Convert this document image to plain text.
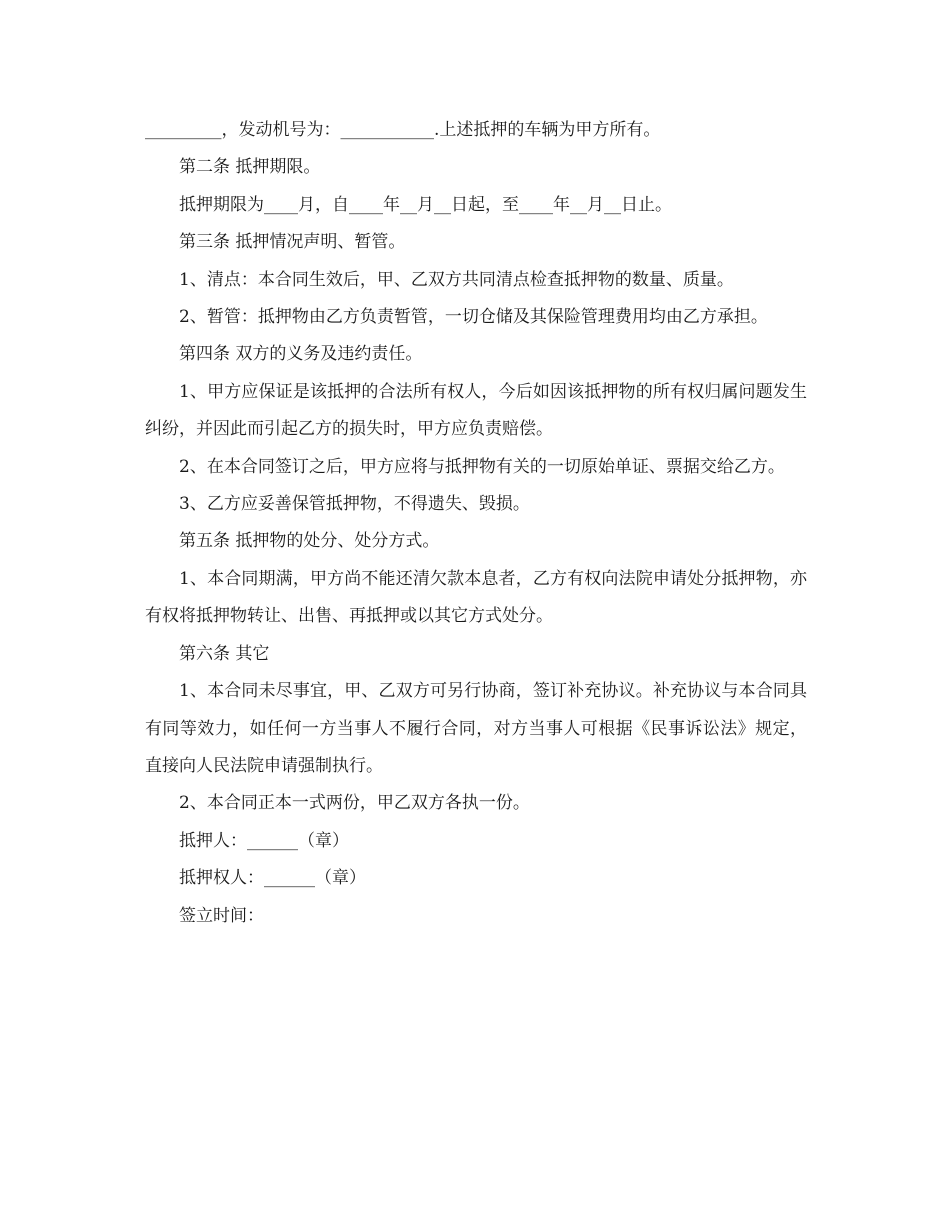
_________，发动机号为：___________.上述抵押的车辆为甲方所有。

第二条 抵押期限。

抵押期限为____月，自____年__月__日起，至____年__月__日止。

第三条 抵押情况声明、暂管。

1、清点：本合同生效后，甲、乙双方共同清点检查抵押物的数量、质量。

2、暂管：抵押物由乙方负责暂管，一切仓储及其保险管理费用均由乙方承担。

第四条 双方的义务及违约责任。

1、甲方应保证是该抵押的合法所有权人，今后如因该抵押物的所有权归属问题发生纠纷，并因此而引起乙方的损失时，甲方应负责赔偿。

2、在本合同签订之后，甲方应将与抵押物有关的一切原始单证、票据交给乙方。

3、乙方应妥善保管抵押物，不得遗失、毁损。

第五条 抵押物的处分、处分方式。

1、本合同期满，甲方尚不能还清欠款本息者，乙方有权向法院申请处分抵押物，亦有权将抵押物转让、出售、再抵押或以其它方式处分。

第六条 其它

1、本合同未尽事宜，甲、乙双方可另行协商，签订补充协议。补充协议与本合同具有同等效力，如任何一方当事人不履行合同，对方当事人可根据《民事诉讼法》规定，直接向人民法院申请强制执行。

2、本合同正本一式两份，甲乙双方各执一份。

抵押人：______（章）

抵押权人：______（章）

签立时间：
